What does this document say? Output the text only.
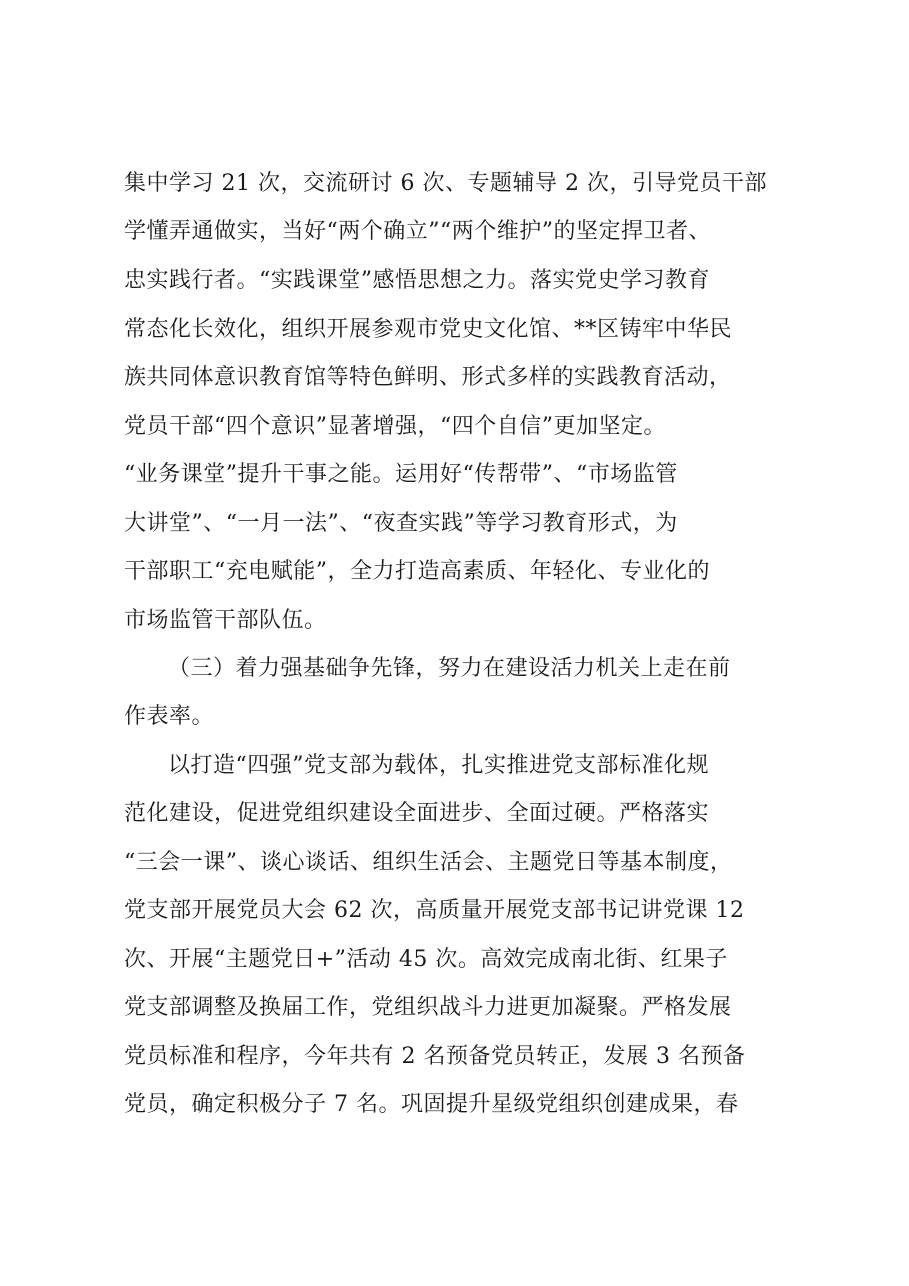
集中学习 21 次，交流研讨 6 次、专题辅导 2 次，引导党员干部
学懂弄通做实，当好“两个确立”“两个维护”的坚定捍卫者、
忠实践行者。“实践课堂”感悟思想之力。落实党史学习教育
常态化长效化，组织开展参观市党史文化馆、**区铸牢中华民
族共同体意识教育馆等特色鲜明、形式多样的实践教育活动，
党员干部“四个意识”显著增强，“四个自信”更加坚定。
“业务课堂”提升干事之能。运用好“传帮带”、“市场监管
大讲堂”、“一月一法”、“夜查实践”等学习教育形式，为
干部职工“充电赋能”，全力打造高素质、年轻化、专业化的
市场监管干部队伍。
（三）着力强基础争先锋，努力在建设活力机关上走在前
作表率。
以打造“四强”党支部为载体，扎实推进党支部标准化规
范化建设，促进党组织建设全面进步、全面过硬。严格落实
“三会一课”、谈心谈话、组织生活会、主题党日等基本制度，
党支部开展党员大会 62 次，高质量开展党支部书记讲党课 12
次、开展“主题党日+”活动 45 次。高效完成南北街、红果子
党支部调整及换届工作，党组织战斗力进更加凝聚。严格发展
党员标准和程序，今年共有 2 名预备党员转正，发展 3 名预备
党员，确定积极分子 7 名。巩固提升星级党组织创建成果，春
